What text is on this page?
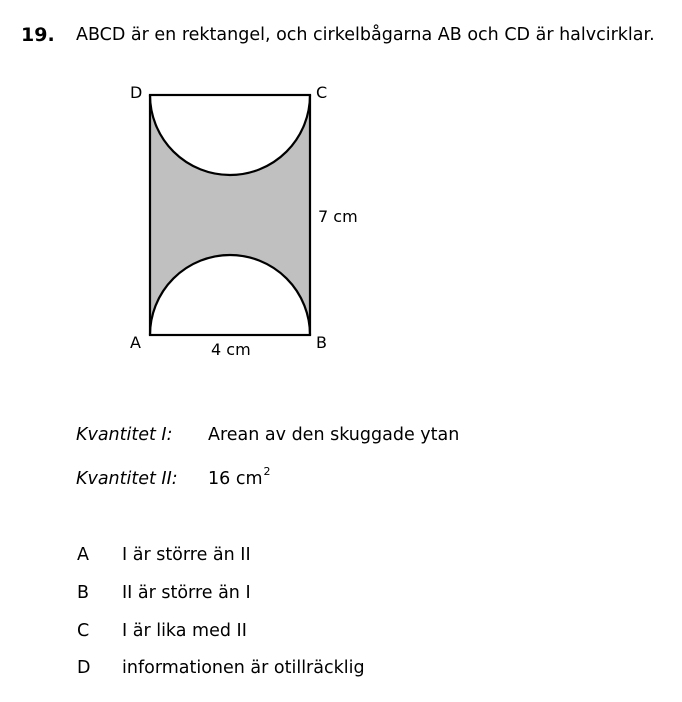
19. ABCD är en rektangel, och cirkelbågarna AB och CD är halvcirklar.
D	C
A	B
7 cm
4 cm
Kvantitet I: Arean av den skuggade ytan
Kvantitet II: 16 $cm^2$
A I är större än II
B II är större än I
C I är lika med II
D informationen är otillräcklig
